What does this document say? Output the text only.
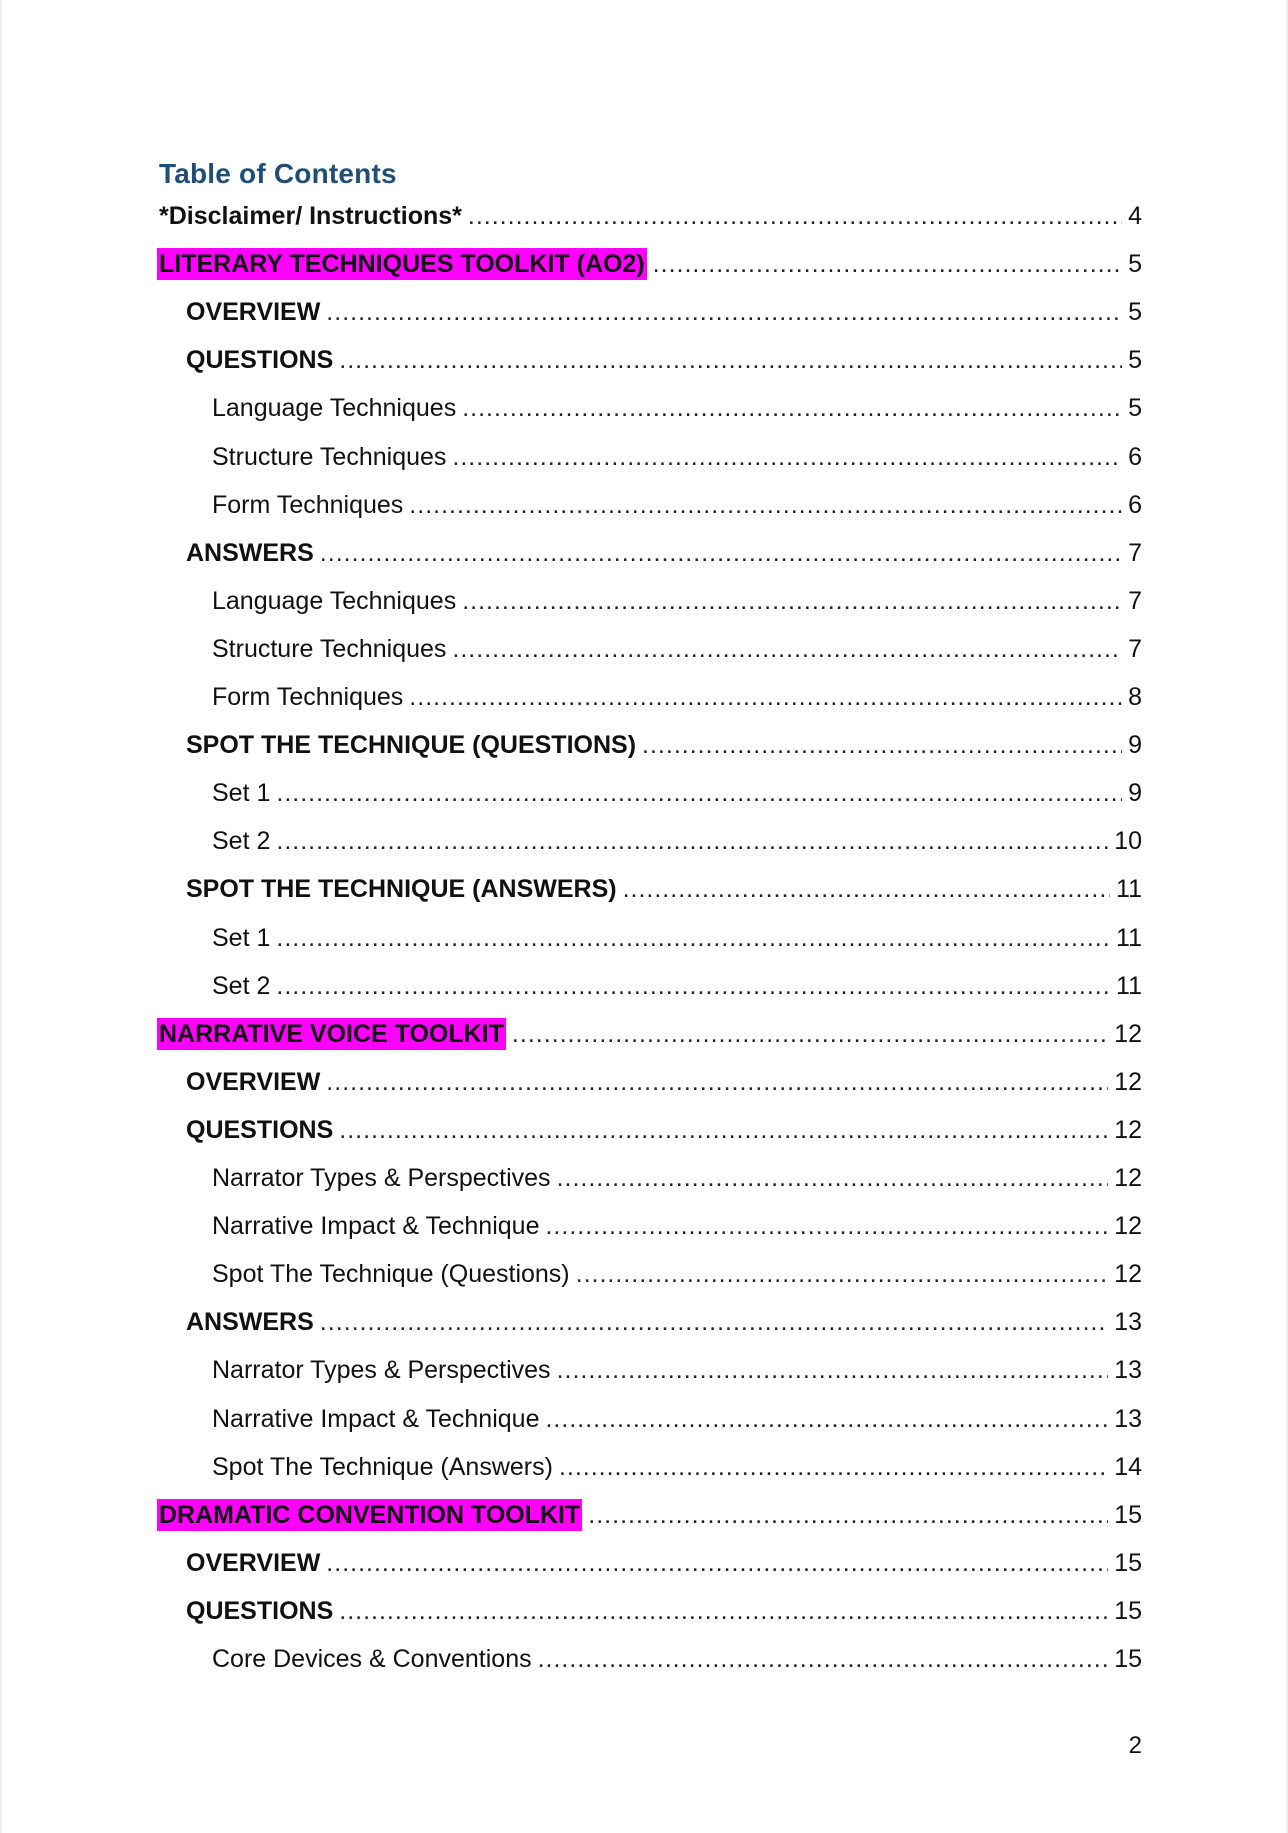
Table of Contents
*Disclaimer/ Instructions* .....	4
LITERARY TECHNIQUES TOOLKIT (AO2) .....	5
OVERVIEW .....	5
QUESTIONS .....	5
Language Techniques .....	5
Structure Techniques .....	6
Form Techniques .....	6
ANSWERS .....	7
Language Techniques .....	7
Structure Techniques .....	7
Form Techniques .....	8
SPOT THE TECHNIQUE (QUESTIONS) .....	9
Set 1 .....	9
Set 2 .....	10
SPOT THE TECHNIQUE (ANSWERS) .....	11
Set 1 .....	11
Set 2 .....	11
NARRATIVE VOICE TOOLKIT .....	12
OVERVIEW .....	12
QUESTIONS .....	12
Narrator Types & Perspectives .....	12
Narrative Impact & Technique .....	12
Spot The Technique (Questions) .....	12
ANSWERS .....	13
Narrator Types & Perspectives .....	13
Narrative Impact & Technique .....	13
Spot The Technique (Answers) .....	14
DRAMATIC CONVENTION TOOLKIT .....	15
OVERVIEW .....	15
QUESTIONS .....	15
Core Devices & Conventions .....	15
2
